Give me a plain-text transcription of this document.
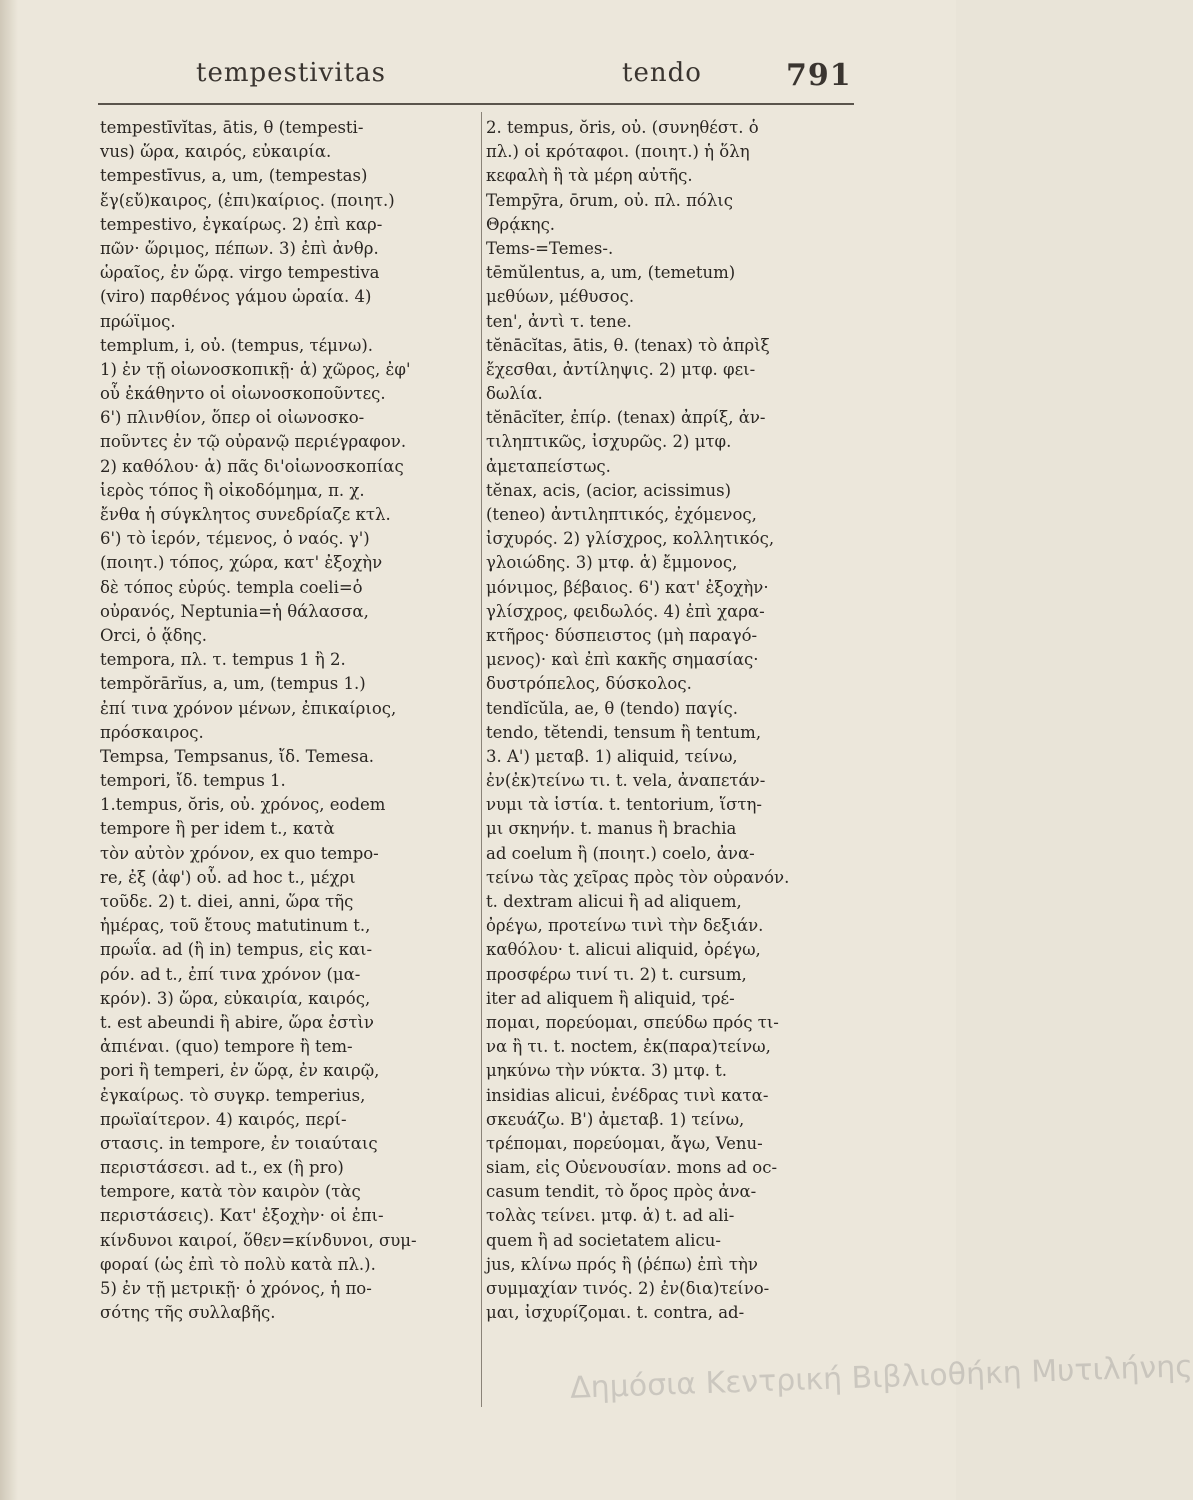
tempestivitas	tendo	791
tempestīvĭtas, ātis, θ (tempesti-
vus) ὥρα, καιρός, εὐκαιρία.
tempestīvus, a, um, (tempestas)
ἔγ(εὔ)καιρος, (ἐπι)καίριος. (ποιητ.)
tempestivo, ἐγκαίρως. 2) ἐπὶ καρ-
πῶν· ὥριμος, πέπων. 3) ἐπὶ ἀνθρ.
ὡραῖος, ἐν ὥρᾳ. virgo tempestiva
(viro) παρθένος γάμου ὡραία. 4)
πρώϊμος.
templum, i, οὐ. (tempus, τέμνω).
1) ἐν τῇ οἰωνοσκοπικῇ· ἁ) χῶρος, ἐφ'
οὗ ἐκάθηντο οἱ οἰωνοσκοποῦντες.
6') πλινθίον, ὅπερ οἱ οἰωνοσκο-
ποῦντες ἐν τῷ οὐρανῷ περιέγραφον.
2) καθόλου· ἁ) πᾶς δι'οἰωνοσκοπίας
ἱερὸς τόπος ἢ οἰκοδόμημα, π. χ.
ἔνθα ἡ σύγκλητος συνεδρίαζε κτλ.
6') τὸ ἱερόν, τέμενος, ὁ ναός. γ')
(ποιητ.) τόπος, χώρα, κατ' ἐξοχὴν
δὲ τόπος εὐρύς. templa coeli=ὁ
οὐρανός, Neptunia=ἡ θάλασσα,
Orci, ὁ ᾅδης.
tempora, πλ. τ. tempus 1 ἢ 2.
tempŏrārĭus, a, um, (tempus 1.)
ἐπί τινα χρόνον μένων, ἐπικαίριος,
πρόσκαιρος.
Tempsa, Tempsanus, ἴδ. Temesa.
tempori, ἴδ. tempus 1.
1.tempus, ŏris, οὐ. χρόνος, eodem
tempore ἢ per idem t., κατὰ
τὸν αὐτὸν χρόνον, ex quo tempo-
re, ἐξ (ἀφ') οὗ. ad hoc t., μέχρι
τοῦδε. 2) t. diei, anni, ὥρα τῆς
ἡμέρας, τοῦ ἔτους matutinum t.,
πρωΐα. ad (ἢ in) tempus, εἰς και-
ρόν. ad t., ἐπί τινα χρόνον (μα-
κρόν). 3) ὥρα, εὐκαιρία, καιρός,
t. est abeundi ἢ abire, ὥρα ἐστὶν
ἀπιέναι. (quo) tempore ἢ tem-
pori ἢ temperi, ἐν ὥρᾳ, ἐν καιρῷ,
ἐγκαίρως. τὸ συγκρ. temperius,
πρωϊαίτερον. 4) καιρός, περί-
στασις. in tempore, ἐν τοιαύταις
περιστάσεσι. ad t., ex (ἢ pro)
tempore, κατὰ τὸν καιρὸν (τὰς
περιστάσεις). Κατ' ἐξοχὴν· οἱ ἐπι-
κίνδυνοι καιροί, ὅθεν=κίνδυνοι, συμ-
φοραί (ὡς ἐπὶ τὸ πολὺ κατὰ πλ.).
5) ἐν τῇ μετρικῇ· ὁ χρόνος, ἡ πο-
σότης τῆς συλλαβῆς.
2. tempus, ŏris, οὐ. (συνηθέστ. ὁ
πλ.) οἱ κρόταφοι. (ποιητ.) ἡ ὅλη
κεφαλὴ ἢ τὰ μέρη αὐτῆς.
Tempȳra, ōrum, οὐ. πλ. πόλις
Θρᾴκης.
Tems-=Temes-.
tēmŭlentus, a, um, (temetum)
μεθύων, μέθυσος.
ten', ἀντὶ τ. tene.
tĕnācĭtas, ātis, θ. (tenax) τὸ ἀπρὶξ
ἔχεσθαι, ἀντίληψις. 2) μτφ. φει-
δωλία.
tĕnācĭter, ἐπίρ. (tenax) ἀπρίξ, ἀν-
τιληπτικῶς, ἰσχυρῶς. 2) μτφ.
ἀμεταπείστως.
tĕnax, acis, (acior, acissimus)
(teneo) ἀντιληπτικός, ἐχόμενος,
ἰσχυρός. 2) γλίσχρος, κολλητικός,
γλοιώδης. 3) μτφ. ἁ) ἔμμονος,
μόνιμος, βέβαιος. 6') κατ' ἐξοχὴν·
γλίσχρος, φειδωλός. 4) ἐπὶ χαρα-
κτῆρος· δύσπειστος (μὴ παραγό-
μενος)· καὶ ἐπὶ κακῆς σημασίας·
δυστρόπελος, δύσκολος.
tendĭcŭla, ae, θ (tendo) παγίς.
tendo, tĕtendi, tensum ἢ tentum,
3. A') μεταβ. 1) aliquid, τείνω,
ἐν(ἐκ)τείνω τι. t. vela, ἀναπετάν-
νυμι τὰ ἱστία. t. tentorium, ἵστη-
μι σκηνήν. t. manus ἢ brachia
ad coelum ἢ (ποιητ.) coelo, ἀνα-
τείνω τὰς χεῖρας πρὸς τὸν οὐρανόν.
t. dextram alicui ἢ ad aliquem,
ὀρέγω, προτείνω τινὶ τὴν δεξιάν.
καθόλου· t. alicui aliquid, ὀρέγω,
προσφέρω τινί τι. 2) t. cursum,
iter ad aliquem ἢ aliquid, τρέ-
πομαι, πορεύομαι, σπεύδω πρός τι-
να ἢ τι. t. noctem, ἐκ(παρα)τείνω,
μηκύνω τὴν νύκτα. 3) μτφ. t.
insidias alicui, ἐνέδρας τινὶ κατα-
σκευάζω. B') ἀμεταβ. 1) τείνω,
τρέπομαι, πορεύομαι, ἄγω, Venu-
siam, εἰς Οὐενουσίαν. mons ad oc-
casum tendit, τὸ ὄρος πρὸς ἀνα-
τολὰς τείνει. μτφ. ἁ) t. ad ali-
quem ἢ ad societatem alicu-
jus, κλίνω πρός ἢ (ῥέπω) ἐπὶ τὴν
συμμαχίαν τινός. 2) ἐν(δια)τείνο-
μαι, ἰσχυρίζομαι. t. contra, ad-
Δημόσια Κεντρική Βιβλιοθήκη Μυτιλήνης
